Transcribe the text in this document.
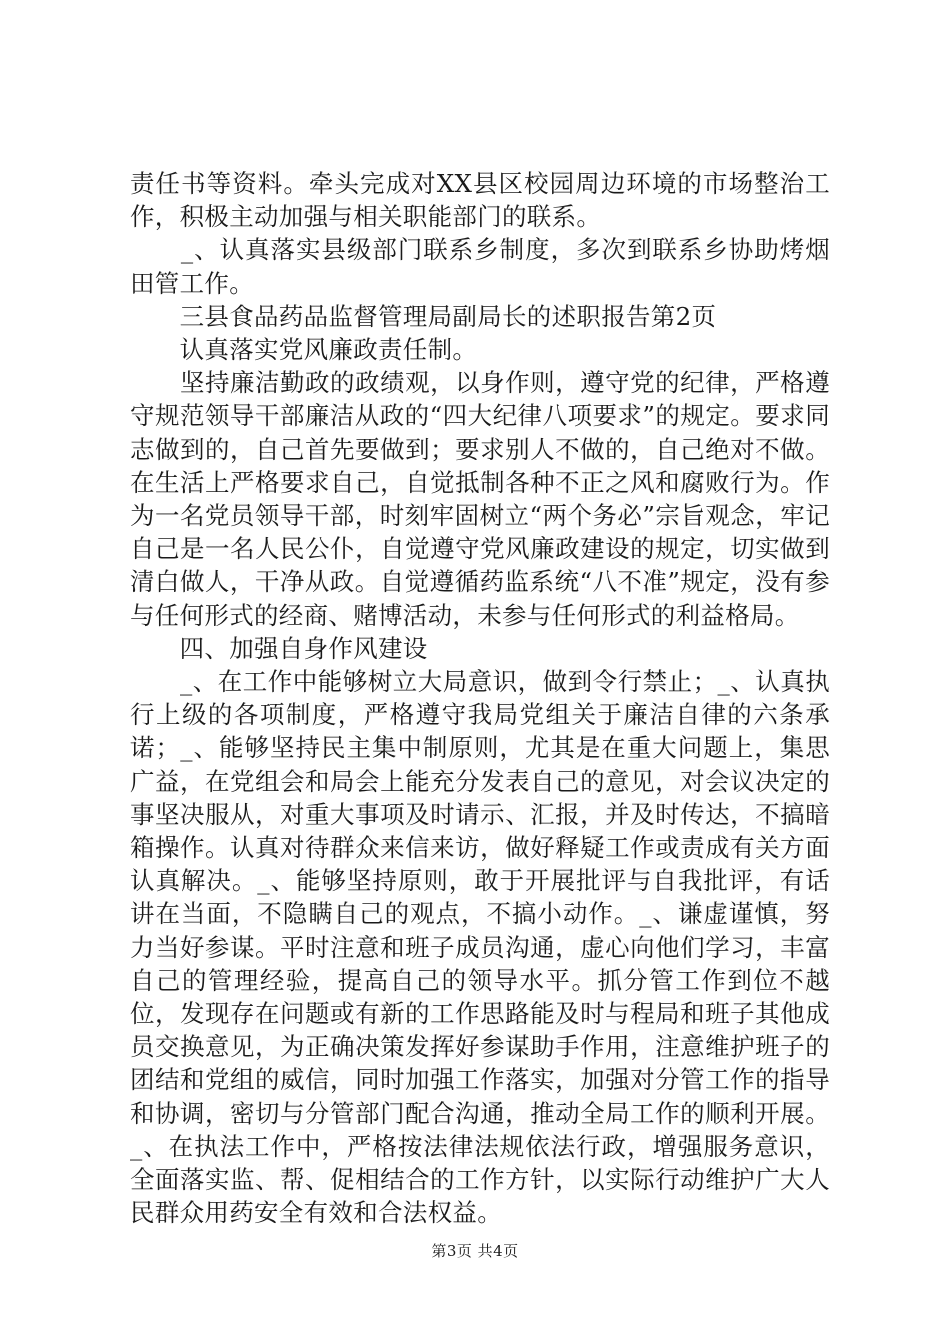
责任书等资料。牵头完成对XX县区校园周边环境的市场整治工作，积极主动加强与相关职能部门的联系。

　　_、认真落实县级部门联系乡制度，多次到联系乡协助烤烟田管工作。

　　三县食品药品监督管理局副局长的述职报告第2页

　　认真落实党风廉政责任制。

　　坚持廉洁勤政的政绩观，以身作则，遵守党的纪律，严格遵守规范领导干部廉洁从政的“四大纪律八项要求”的规定。要求同志做到的，自己首先要做到；要求别人不做的，自己绝对不做。在生活上严格要求自己，自觉抵制各种不正之风和腐败行为。作为一名党员领导干部，时刻牢固树立“两个务必”宗旨观念，牢记自己是一名人民公仆，自觉遵守党风廉政建设的规定，切实做到清白做人，干净从政。自觉遵循药监系统“八不准”规定，没有参与任何形式的经商、赌博活动，未参与任何形式的利益格局。

　　四、加强自身作风建设

　　_、在工作中能够树立大局意识，做到令行禁止；_、认真执行上级的各项制度，严格遵守我局党组关于廉洁自律的六条承诺；_、能够坚持民主集中制原则，尤其是在重大问题上，集思广益，在党组会和局会上能充分发表自己的意见，对会议决定的事坚决服从，对重大事项及时请示、汇报，并及时传达，不搞暗箱操作。认真对待群众来信来访，做好释疑工作或责成有关方面认真解决。_、能够坚持原则，敢于开展批评与自我批评，有话讲在当面，不隐瞒自己的观点，不搞小动作。_、谦虚谨慎，努力当好参谋。平时注意和班子成员沟通，虚心向他们学习，丰富自己的管理经验，提高自己的领导水平。抓分管工作到位不越位，发现存在问题或有新的工作思路能及时与程局和班子其他成员交换意见，为正确决策发挥好参谋助手作用，注意维护班子的团结和党组的威信，同时加强工作落实，加强对分管工作的指导和协调，密切与分管部门配合沟通，推动全局工作的顺利开展。_、在执法工作中，严格按法律法规依法行政，增强服务意识，全面落实监、帮、促相结合的工作方针，以实际行动维护广大人民群众用药安全有效和合法权益。

第3页 共4页
